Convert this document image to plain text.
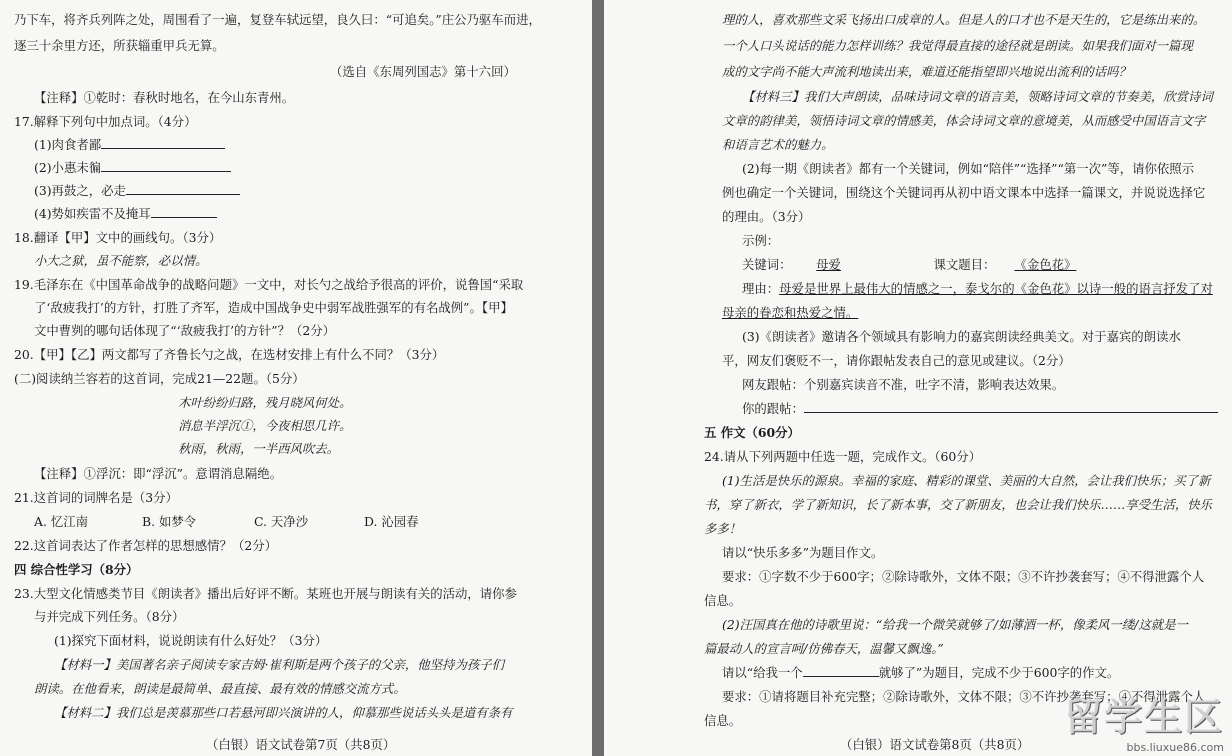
乃下车，将齐兵列阵之处，周围看了一遍，复登车轼远望，良久曰：“可追矣。”庄公乃驱车而进，
逐三十余里方还，所获辎重甲兵无算。
（选自《东周列国志》第十六回）
【注释】①乾时：春秋时地名，在今山东青州。
17.解释下列句中加点词。（4分）
(1)肉食者鄙
(2)小惠未徧
(3)再鼓之，必走
(4)势如疾雷不及掩耳
18.翻译【甲】文中的画线句。（3分）
小大之狱，虽不能察，必以情。
19.毛泽东在《中国革命战争的战略问题》一文中，对长勺之战给予很高的评价，说鲁国“采取
了‘敌疲我打’的方针，打胜了齐军，造成中国战争史中弱军战胜强军的有名战例”。【甲】
文中曹刿的哪句话体现了“‘敌疲我打’的方针”？（2分）
20.【甲】【乙】两文都写了齐鲁长勺之战，在选材安排上有什么不同？（3分）
(二)阅读纳兰容若的这首词，完成21—22题。（5分）
木叶纷纷归路，残月晓风何处。
消息半浮沉①，今夜相思几许。
秋雨，秋雨，一半西风吹去。
【注释】①浮沉：即“浮沉”。意谓消息隔绝。
21.这首词的词牌名是（3分）
A. 忆江南	B. 如梦令	C. 天净沙	D. 沁园春
22.这首词表达了作者怎样的思想感情？（2分）
四 综合性学习（8分）
23.大型文化情感类节目《朗读者》播出后好评不断。某班也开展与朗读有关的活动，请你参
与并完成下列任务。（8分）
(1)探究下面材料，说说朗读有什么好处？（3分）
【材料一】美国著名亲子阅读专家吉姆·崔利斯是两个孩子的父亲，他坚持为孩子们
朗读。在他看来，朗读是最简单、最直接、最有效的情感交流方式。
【材料二】我们总是羡慕那些口若悬河即兴演讲的人，仰慕那些说话头头是道有条有
（白银）语文试卷第7页（共8页）
理的人，喜欢那些文采飞扬出口成章的人。但是人的口才也不是天生的，它是练出来的。
一个人口头说话的能力怎样训练？我觉得最直接的途径就是朗读。如果我们面对一篇现
成的文字尚不能大声流利地读出来，难道还能指望即兴地说出流利的话吗？
【材料三】我们大声朗读，品味诗词文章的语言美，领略诗词文章的节奏美，欣赏诗词
文章的韵律美，领悟诗词文章的情感美，体会诗词文章的意境美，从而感受中国语言文字
和语言艺术的魅力。
(2)每一期《朗读者》都有一个关键词，例如“陪伴”“选择”“第一次”等，请你依照示
例也确定一个关键词，围绕这个关键词再从初中语文课本中选择一篇课文，并说说选择它
的理由。（3分）
示例：
关键词： 母爱	课文题目： 《金色花》
理由：母爱是世界上最伟大的情感之一，泰戈尔的《金色花》以诗一般的语言抒发了对
母亲的眷恋和热爱之情。
(3)《朗读者》邀请各个领域具有影响力的嘉宾朗读经典美文。对于嘉宾的朗读水
平，网友们褒贬不一，请你跟帖发表自己的意见或建议。（2分）
网友跟帖：个别嘉宾读音不准，吐字不清，影响表达效果。
你的跟帖：
五 作文（60分）
24.请从下列两题中任选一题，完成作文。（60分）
(1)生活是快乐的源泉。幸福的家庭、精彩的课堂、美丽的大自然，会让我们快乐；买了新
书，穿了新衣，学了新知识，长了新本事，交了新朋友，也会让我们快乐……享受生活，快乐
多多！
请以“快乐多多”为题目作文。
要求：①字数不少于600字；②除诗歌外，文体不限；③不许抄袭套写；④不得泄露个人
信息。
(2)汪国真在他的诗歌里说：“给我一个微笑就够了/如薄酒一杯，像柔风一缕/这就是一
篇最动人的宣言呵/仿佛春天，温馨又飘逸。”
请以“给我一个	就够了”为题目，完成不少于600字的作文。
要求：①请将题目补充完整；②除诗歌外，文体不限；③不许抄袭套写；④不得泄露个人
信息。
（白银）语文试卷第8页（共8页）
留学生区
bbs.liuxue86.com
